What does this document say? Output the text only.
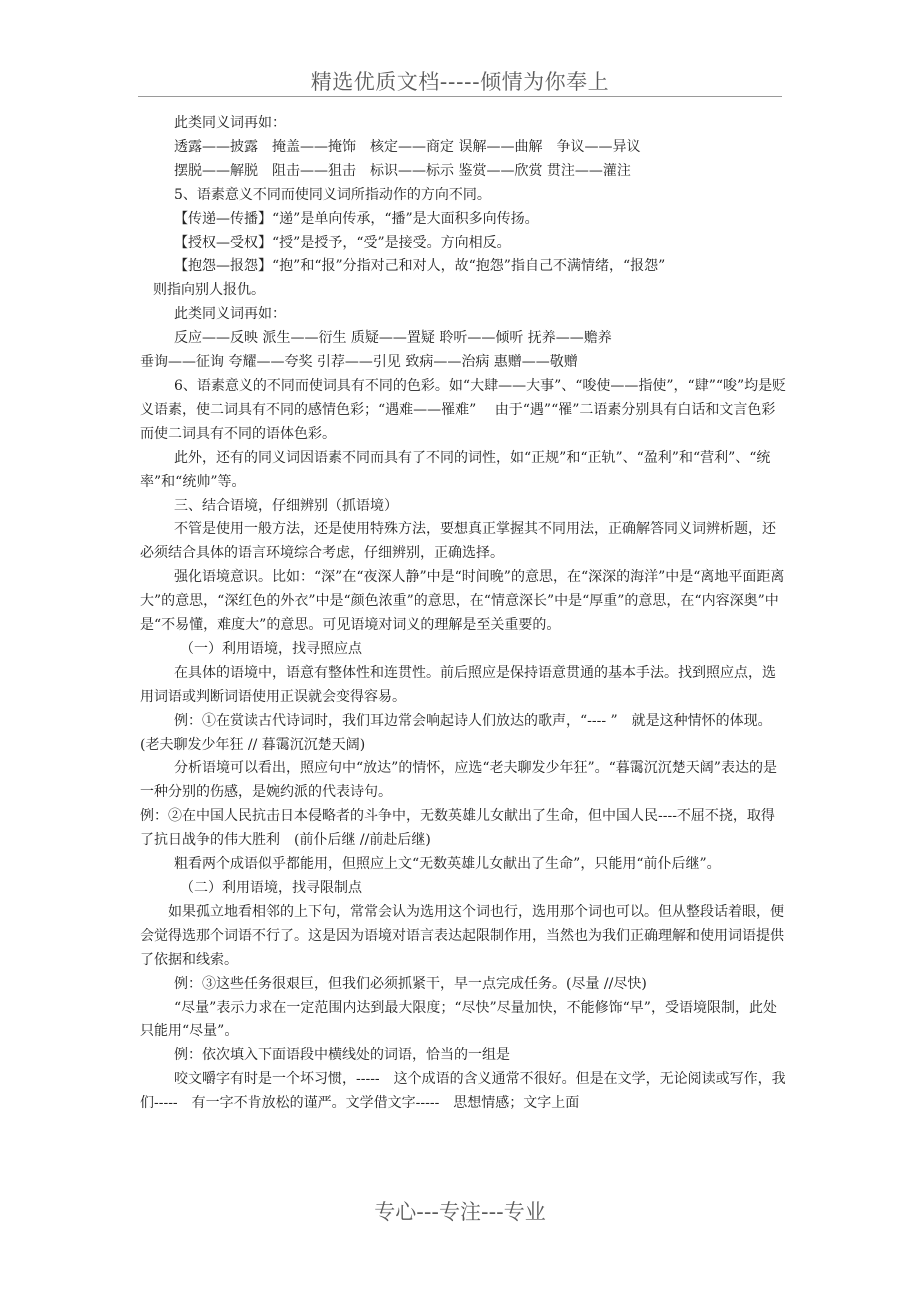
精选优质文档-----倾情为你奉上

此类同义词再如：

透露——披露　掩盖——掩饰　核定——商定 误解——曲解　争议——异议

摆脱——解脱　阻击——狙击　标识——标示 鉴赏——欣赏 贯注——灌注

5、语素意义不同而使同义词所指动作的方向不同。

【传递—传播】“递”是单向传承，“播”是大面积多向传扬。

【授权—受权】“授”是授予，“受”是接受。方向相反。

【抱怨—报怨】“抱”和“报”分指对己和对人，故“抱怨”指自己不满情绪，“报怨”

则指向别人报仇。

此类同义词再如：

反应——反映 派生——衍生 质疑——置疑 聆听——倾听 抚养——赡养

垂询——征询 夸耀——夸奖 引荐——引见 致病——治病 惠赠——敬赠

6、语素意义的不同而使词具有不同的色彩。如“大肆——大事”、“唆使——指使”，“肆”“唆”均是贬义语素，使二词具有不同的感情色彩；“遇难——罹难”　 由于“遇”“罹”二语素分别具有白话和文言色彩而使二词具有不同的语体色彩。

此外，还有的同义词因语素不同而具有了不同的词性，如“正规”和“正轨”、“盈利”和“营利”、“统率”和“统帅”等。

三、结合语境，仔细辨别（抓语境）

不管是使用一般方法，还是使用特殊方法，要想真正掌握其不同用法，正确解答同义词辨析题，还必须结合具体的语言环境综合考虑，仔细辨别，正确选择。

强化语境意识。比如：“深”在“夜深人静”中是“时间晚”的意思，在“深深的海洋”中是“离地平面距离大”的意思，“深红色的外衣”中是“颜色浓重”的意思，在“情意深长”中是“厚重”的意思，在“内容深奥”中是“不易懂，难度大”的意思。可见语境对词义的理解是至关重要的。

（一）利用语境，找寻照应点

在具体的语境中，语意有整体性和连贯性。前后照应是保持语意贯通的基本手法。找到照应点，选用词语或判断词语使用正误就会变得容易。

例：①在赏读古代诗词时，我们耳边常会响起诗人们放达的歌声，“---- ”　就是这种情怀的体现。(老夫聊发少年狂 // 暮霭沉沉楚天阔)

分析语境可以看出，照应句中“放达”的情怀，应选“老夫聊发少年狂”。“暮霭沉沉楚天阔”表达的是一种分别的伤感，是婉约派的代表诗句。

例：②在中国人民抗击日本侵略者的斗争中，无数英雄儿女献出了生命，但中国人民----不屈不挠，取得了抗日战争的伟大胜利　(前仆后继 //前赴后继)

粗看两个成语似乎都能用，但照应上文“无数英雄儿女献出了生命”，只能用“前仆后继”。

（二）利用语境，找寻限制点

如果孤立地看相邻的上下句，常常会认为选用这个词也行，选用那个词也可以。但从整段话着眼，便会觉得选那个词语不行了。这是因为语境对语言表达起限制作用，当然也为我们正确理解和使用词语提供了依据和线索。

例：③这些任务很艰巨，但我们必须抓紧干，早一点完成任务。(尽量 //尽快)

“尽量”表示力求在一定范围内达到最大限度；“尽快”尽量加快，不能修饰“早”，受语境限制，此处只能用“尽量”。

例：依次填入下面语段中横线处的词语，恰当的一组是

咬文嚼字有时是一个坏习惯，-----　这个成语的含义通常不很好。但是在文学，无论阅读或写作，我们-----　有一字不肯放松的谨严。文学借文字-----　思想情感；文字上面

专心---专注---专业
